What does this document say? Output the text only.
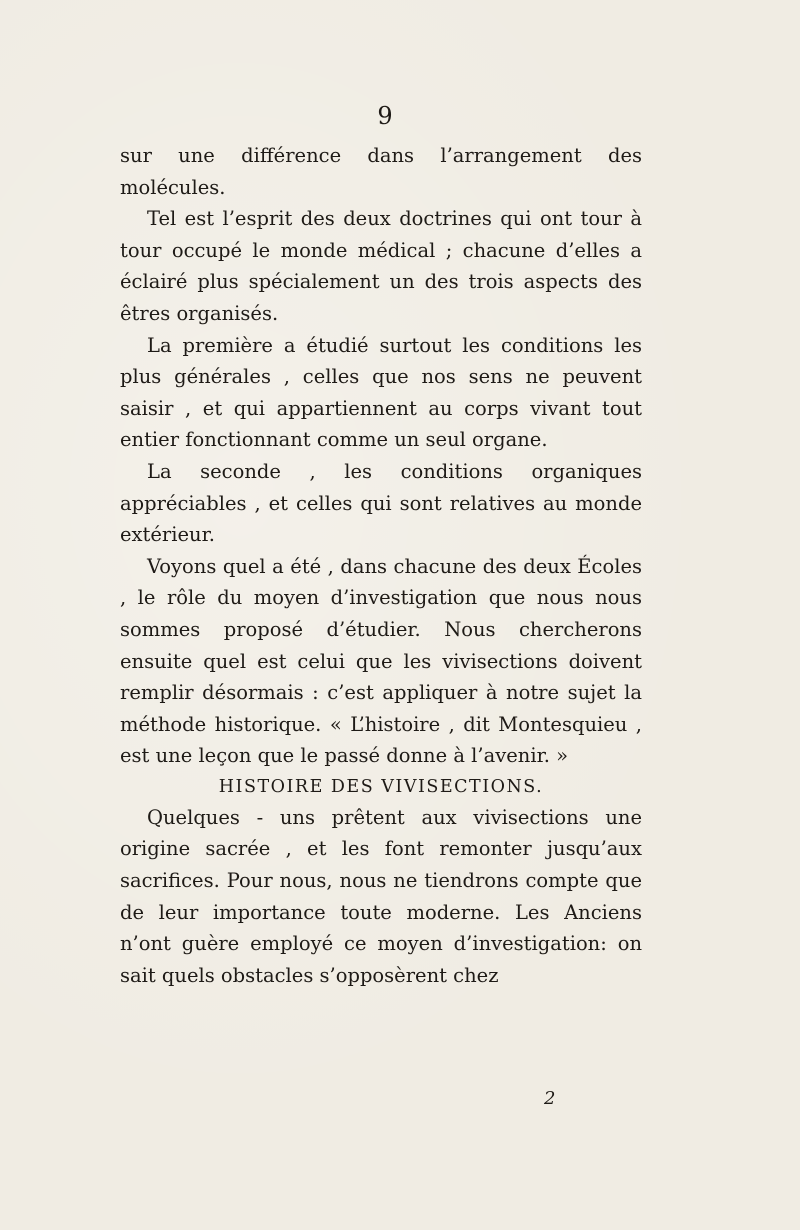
9

sur une différence dans l’arrangement des molécules.

Tel est l’esprit des deux doctrines qui ont tour à tour occupé le monde médical ; chacune d’elles a éclairé plus spécialement un des trois aspects des êtres organisés.

La première a étudié surtout les conditions les plus générales , celles que nos sens ne peuvent saisir , et qui appartiennent au corps vivant tout entier fonctionnant comme un seul organe.

La seconde , les conditions organiques appréciables , et celles qui sont relatives au monde extérieur.

Voyons quel a été , dans chacune des deux Écoles , le rôle du moyen d’investigation que nous nous sommes proposé d’étudier. Nous chercherons ensuite quel est celui que les vivisections doivent remplir désormais : c’est appliquer à notre sujet la méthode historique. « L’histoire , dit Montesquieu , est une leçon que le passé donne à l’avenir. »

HISTOIRE DES VIVISECTIONS.

Quelques - uns prêtent aux vivisections une origine sacrée , et les font remonter jusqu’aux sacrifices. Pour nous, nous ne tiendrons compte que de leur importance toute moderne. Les Anciens n’ont guère employé ce moyen d’investigation: on sait quels obstacles s’opposèrent chez

2
